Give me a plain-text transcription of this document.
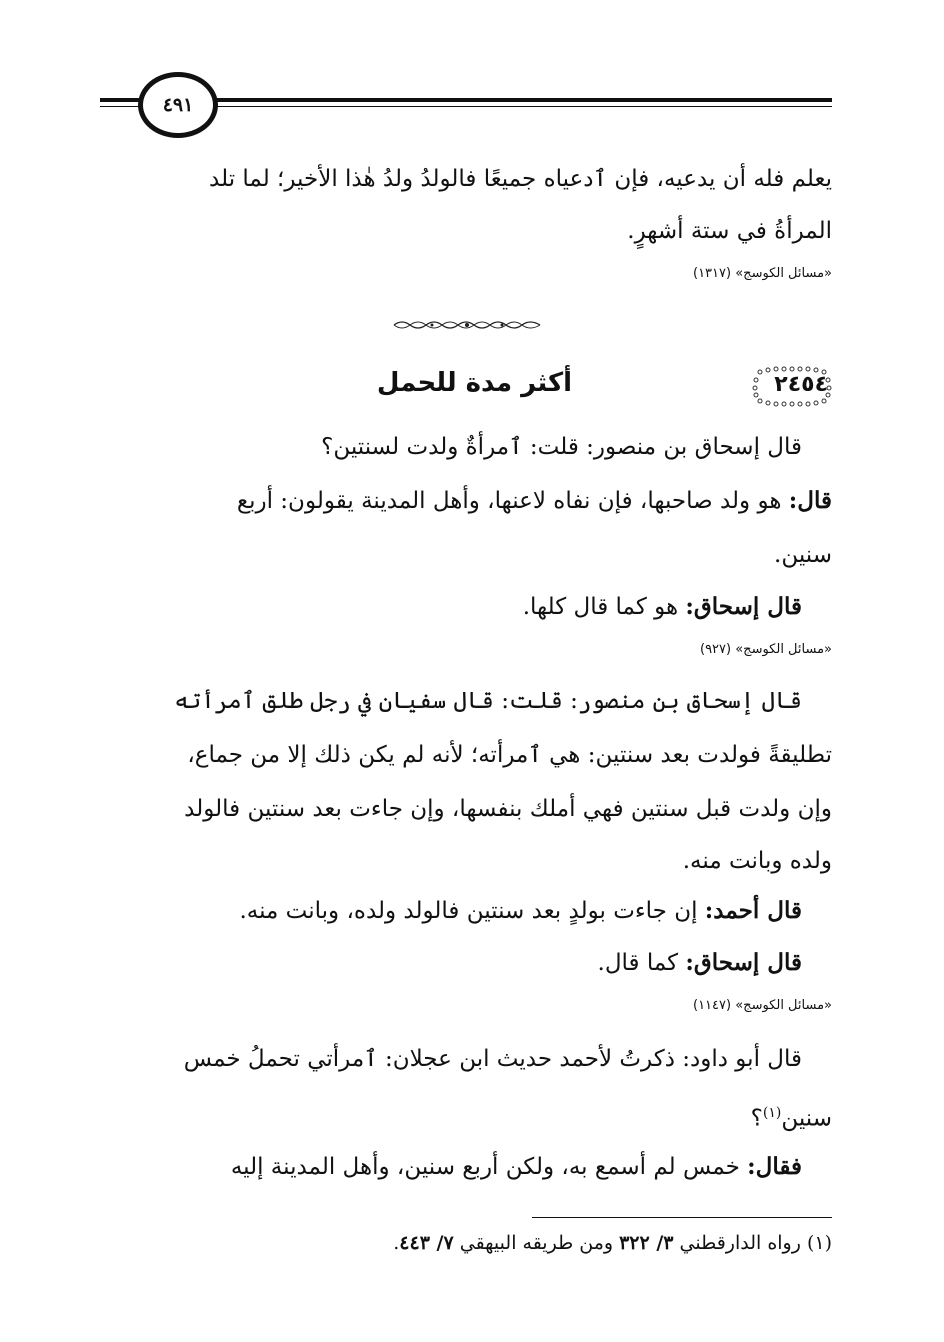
٤٩١
يعلم فله أن يدعيه، فإن ٱدعياه جميعًا فالولدُ ولدُ هٰذا الأخير؛ لما تلد
المرأةُ في ستة أشهرٍ.
«مسائل الكوسج» (١٣١٧)
٢٤٥٤
أكثر مدة للحمل
قال إسحاق بن منصور: قلت: ٱمرأةٌ ولدت لسنتين؟
قال: هو ولد صاحبها، فإن نفاه لاعنها، وأهل المدينة يقولون: أربع
سنين.
قال إسحاق: هو كما قال كلها.
«مسائل الكوسج» (٩٢٧)
قال إسحاق بن منصور: قلت: قال سفيان في رجل طلق ٱمرأته
تطليقةً فولدت بعد سنتين: هي ٱمرأته؛ لأنه لم يكن ذلك إلا من جماع،
وإن ولدت قبل سنتين فهي أملك بنفسها، وإن جاءت بعد سنتين فالولد
ولده وبانت منه.
قال أحمد: إن جاءت بولدٍ بعد سنتين فالولد ولده، وبانت منه.
قال إسحاق: كما قال.
«مسائل الكوسج» (١١٤٧)
قال أبو داود: ذكرتُ لأحمد حديث ابن عجلان: ٱمرأتي تحملُ خمس
سنين$^{(١)}$؟
فقال: خمس لم أسمع به، ولكن أربع سنين، وأهل المدينة إليه
(١) رواه الدارقطني ٣/ ٣٢٢ ومن طريقه البيهقي ٧/ ٤٤٣.
